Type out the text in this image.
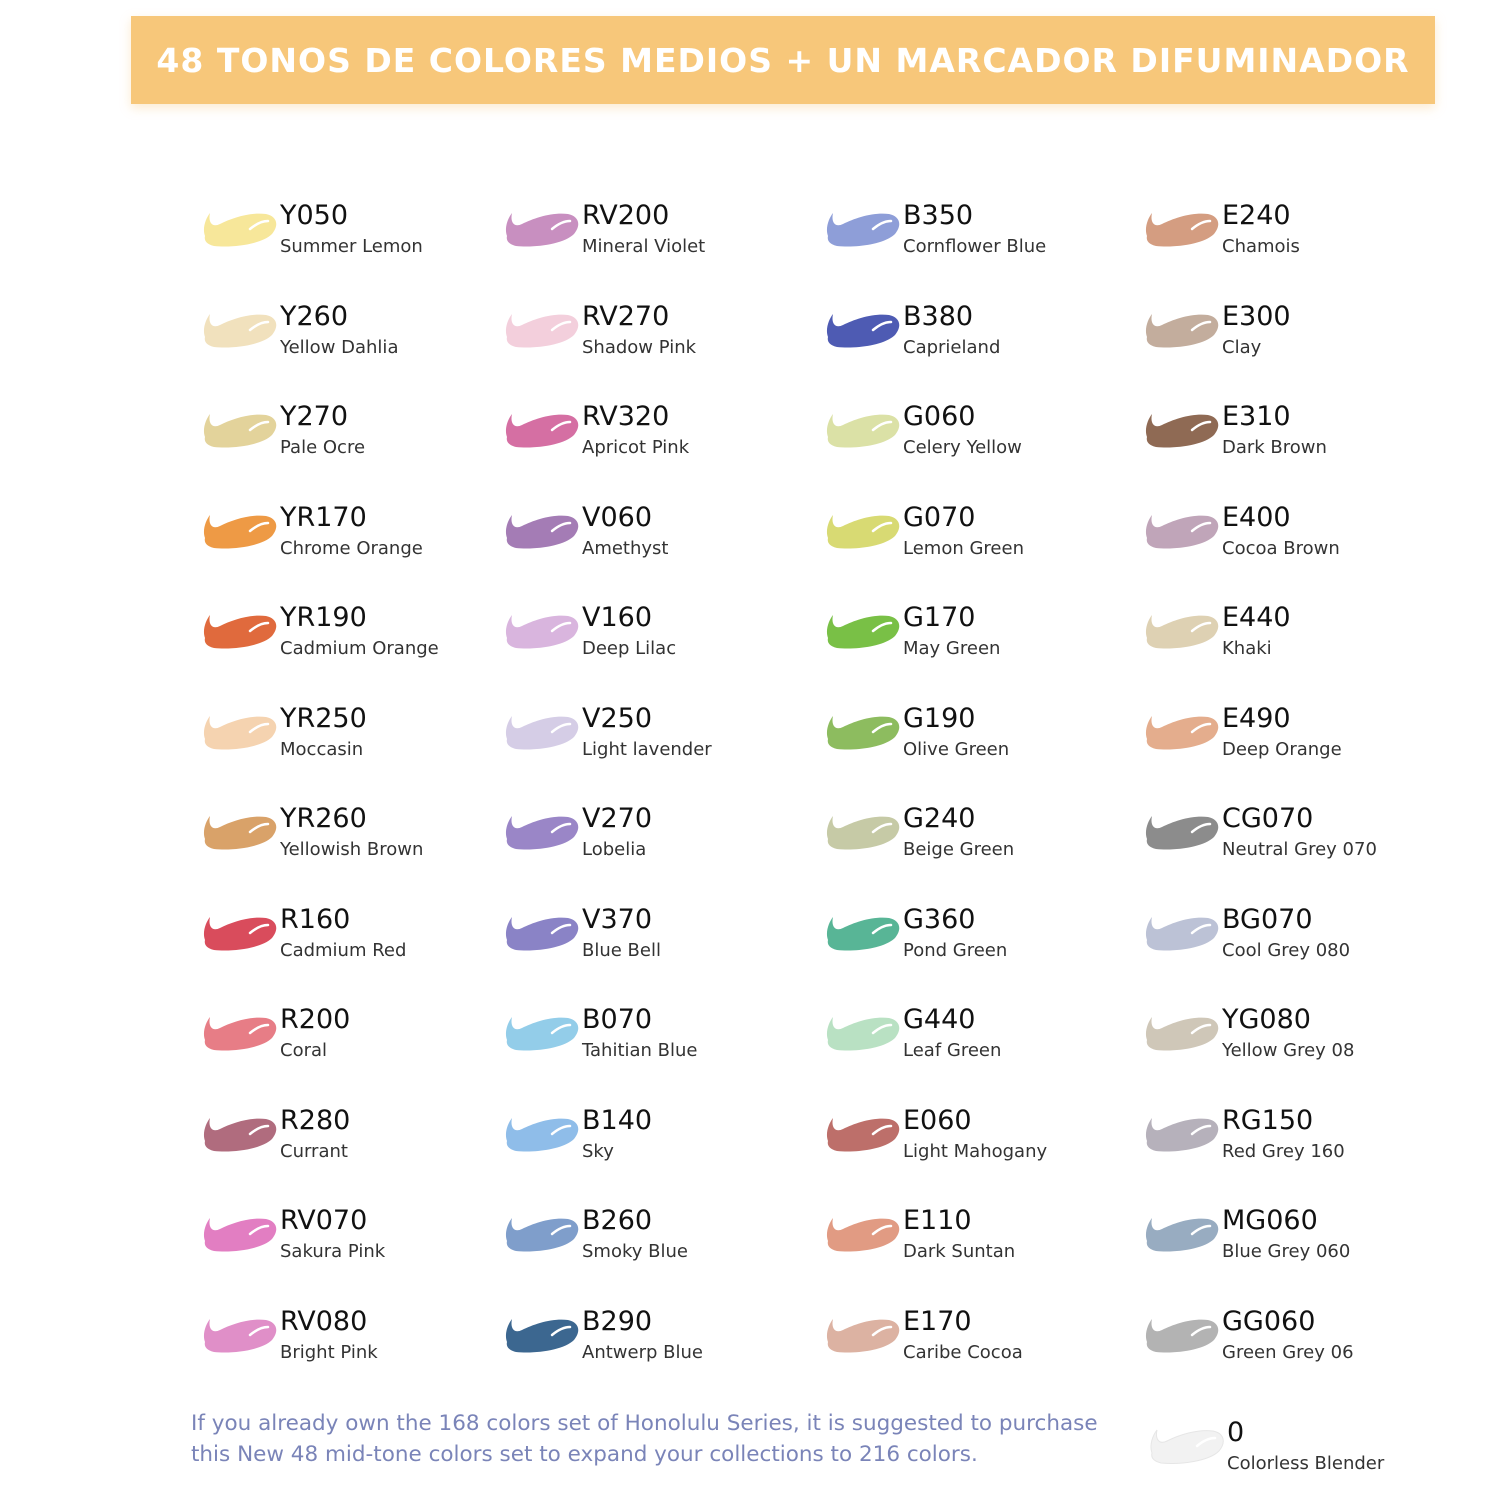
48 TONOS DE COLORES MEDIOS + UN MARCADOR DIFUMINADOR
Y050
Summer Lemon
Y260
Yellow Dahlia
Y270
Pale Ocre
YR170
Chrome Orange
YR190
Cadmium Orange
YR250
Moccasin
YR260
Yellowish Brown
R160
Cadmium Red
R200
Coral
R280
Currant
RV070
Sakura Pink
RV080
Bright Pink
RV200
Mineral Violet
RV270
Shadow Pink
RV320
Apricot Pink
V060
Amethyst
V160
Deep Lilac
V250
Light lavender
V270
Lobelia
V370
Blue Bell
B070
Tahitian Blue
B140
Sky
B260
Smoky Blue
B290
Antwerp Blue
B350
Cornflower Blue
B380
Caprieland
G060
Celery Yellow
G070
Lemon Green
G170
May Green
G190
Olive Green
G240
Beige Green
G360
Pond Green
G440
Leaf Green
E060
Light Mahogany
E110
Dark Suntan
E170
Caribe Cocoa
E240
Chamois
E300
Clay
E310
Dark Brown
E400
Cocoa Brown
E440
Khaki
E490
Deep Orange
CG070
Neutral Grey 070
BG070
Cool Grey 080
YG080
Yellow Grey 08
RG150
Red Grey 160
MG060
Blue Grey 060
GG060
Green Grey 06

If you already own the 168 colors set of Honolulu Series, it is suggested to purchase

this New 48 mid-tone colors set to expand your collections to 216 colors.

0
Colorless Blender
